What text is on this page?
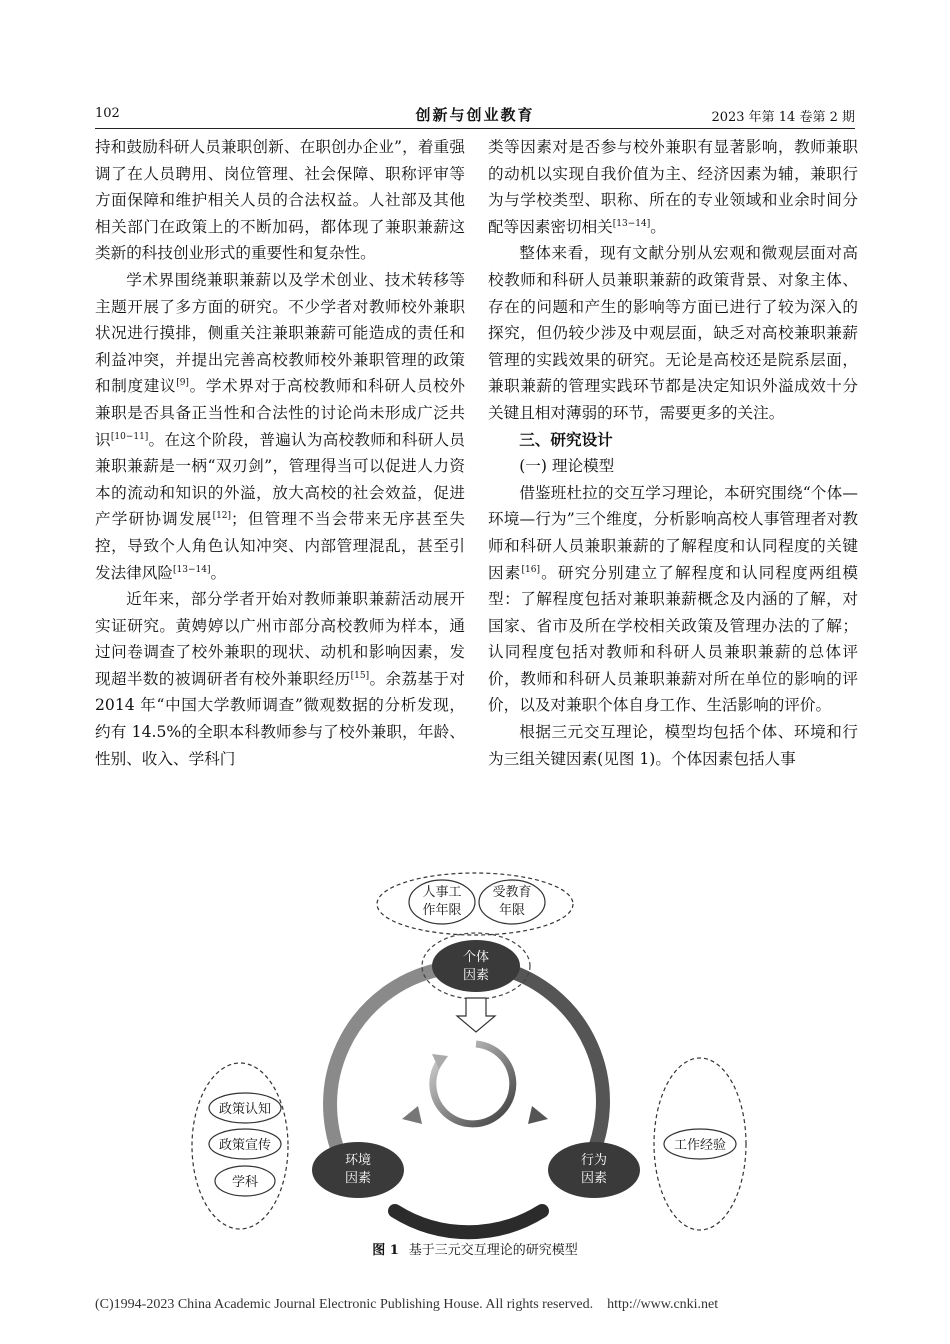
102	创新与创业教育	2023 年第 14 卷第 2 期

持和鼓励科研人员兼职创新、在职创办企业”，着重强调了在人员聘用、岗位管理、社会保障、职称评审等方面保障和维护相关人员的合法权益。人社部及其他相关部门在政策上的不断加码，都体现了兼职兼薪这类新的科技创业形式的重要性和复杂性。

学术界围绕兼职兼薪以及学术创业、技术转移等主题开展了多方面的研究。不少学者对教师校外兼职状况进行摸排，侧重关注兼职兼薪可能造成的责任和利益冲突，并提出完善高校教师校外兼职管理的政策和制度建议[9]。学术界对于高校教师和科研人员校外兼职是否具备正当性和合法性的讨论尚未形成广泛共识[10−11]。在这个阶段，普遍认为高校教师和科研人员兼职兼薪是一柄“双刃剑”，管理得当可以促进人力资本的流动和知识的外溢，放大高校的社会效益，促进产学研协调发展[12]；但管理不当会带来无序甚至失控，导致个人角色认知冲突、内部管理混乱，甚至引发法律风险[13−14]。

近年来，部分学者开始对教师兼职兼薪活动展开实证研究。黄娉婷以广州市部分高校教师为样本，通过问卷调查了校外兼职的现状、动机和影响因素，发现超半数的被调研者有校外兼职经历[15]。余荔基于对 2014 年“中国大学教师调查”微观数据的分析发现，约有 14.5%的全职本科教师参与了校外兼职，年龄、性别、收入、学科门

类等因素对是否参与校外兼职有显著影响，教师兼职的动机以实现自我价值为主、经济因素为辅，兼职行为与学校类型、职称、所在的专业领域和业余时间分配等因素密切相关[13−14]。

整体来看，现有文献分别从宏观和微观层面对高校教师和科研人员兼职兼薪的政策背景、对象主体、存在的问题和产生的影响等方面已进行了较为深入的探究，但仍较少涉及中观层面，缺乏对高校兼职兼薪管理的实践效果的研究。无论是高校还是院系层面，兼职兼薪的管理实践环节都是决定知识外溢成效十分关键且相对薄弱的环节，需要更多的关注。

三、研究设计

(一) 理论模型

借鉴班杜拉的交互学习理论，本研究围绕“个体—环境—行为”三个维度，分析影响高校人事管理者对教师和科研人员兼职兼薪的了解程度和认同程度的关键因素[16]。研究分别建立了解程度和认同程度两组模型：了解程度包括对兼职兼薪概念及内涵的了解，对国家、省市及所在学校相关政策及管理办法的了解；认同程度包括对教师和科研人员兼职兼薪的总体评价，教师和科研人员兼职兼薪对所在单位的影响的评价，以及对兼职个体自身工作、生活影响的评价。

根据三元交互理论，模型均包括个体、环境和行为三组关键因素(见图 1)。个体因素包括人事

人事工
作年限
受教育
年限
个体
因素
政策认知
政策宣传
学科
环境
因素
行为
因素
工作经验
图 1 基于三元交互理论的研究模型
(C)1994-2023 China Academic Journal Electronic Publishing House. All rights reserved. http://www.cnki.net
